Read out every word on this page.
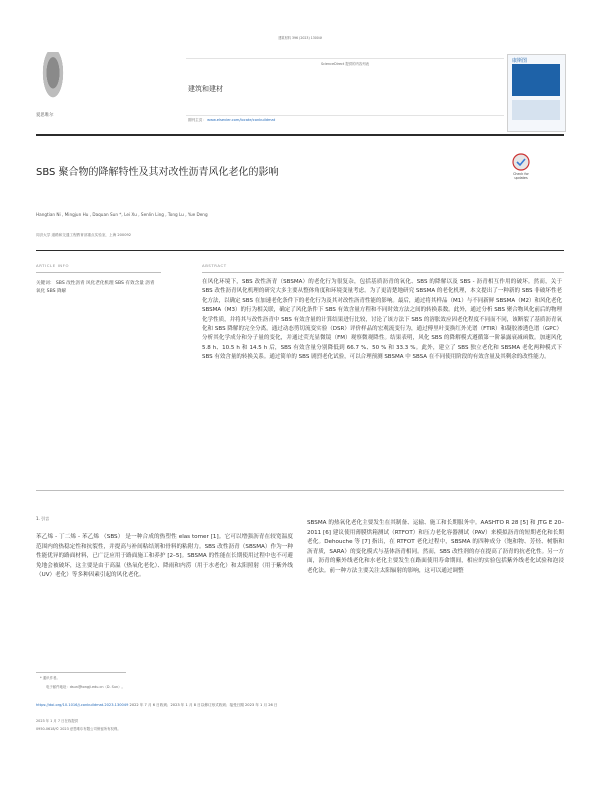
建筑材料 396 (2023) 13004ł
爱思唯尔
ScienceDirect 提供的内容列表
建筑和建材
期刊主页： www.elsevier.com/locate/conbuildmat
康斯图
SBS 聚合物的降解特性及其对改性沥青风化老化的影响	Check for
updates
Hangtian Ni , Mingjun Hu , Daquan Sun *, Lei Xu , Senlin Ling , Tong Lu , Yue Deng
同济大学 道路和交通工程教育部重点实验室，上海 200092
ARTICLE INFO
关键词： SBS 改性沥青 风化老化机理 SBS 有效含量 沥青氧化 SBS 降解
ABSTRACT
在风化环境下，SBS 改性沥青（SBSMA）的老化行为很复杂，包括基质沥青的氧化、SBS 的降解以及 SBS - 沥青相互作用的破坏。然而，关于 SBS 改性沥青风化机理的研究大多主要从整体角度和环境变量考虑。为了更清楚地研究 SBSMA 的老化机理，本文提出了一种新的 SBS 非破坏性老化方法，以确定 SBS 在加速老化条件下的老化行为及其对改性沥青性能的影响。最后，通过将其样品（M1）与不同新鲜 SBSMA（M2）和风化老化 SBSMA（M3）的行为相关联，确定了风化条件下 SBS 有效含量方程和不同时效方法之间的转换系数。此外，通过分析 SBS 聚合物风化前后的物理化学性质，并将其与改性沥青中 SBS 有效含量的计算结果进行比较，讨论了该方法下 SBS 的溶胀效应因老化程度不同而不同，该断裂了基质沥青氧化和 SBS 降解的完全分离。通过动态剪切流变实验（DSR）评价样品的宏观流变行为，通过傅里叶变换红外光谱（FTIR）和凝胶渗透色谱（GPC）分析其化学成分和分子量的变化，并通过荧光显微镜（FM）观察微观降性。结果表明，风化 SBS 的降解模式遵循第一阶暴露衰减函数。加速风化 5.8 h、10.5 h 和 14.5 h 后，SBS 有效含量分别降低到 66.7 %、50 % 和 33.3 %。此外，建立了 SBS 独立老化和 SBSMA 老化两种模式下 SBS 有效含量的转换关系。通过简单的 SBS 剧烈老化试验，可以合理预测 SBSMA 中 SBSA 在不同使用阶段的有效含量及其剩余的改性能力。
1. 引言
苯乙烯 - 丁二烯 - 苯乙烯 （SBS） 是一种合成的热塑性 elas tomer [1]。它可以增强沥青在较宽温度范围内的热稳定性和抗裂性，并提高与补间粘结剂和骨料的粘附力。SBS 改性沥青（SBSMA）作为一种性能优异的路面材料，已广泛应用于路面施工和养护 [2–5]。SBSMA 的性能在长期使用过程中也不可避免地会被破坏，这主要是由于高温（热氧化老化）、降雨和内涝（用于水老化）和太阳照射（用于紫外线（UV）老化）等多种因素引起的风化老化。
SBSMA 的热氧化老化主要发生在其制备、运输、施工和长期服务中。AASHTO R 28 [5] 和 JTG E 20–2011 [6] 建议使用薄膜烘箱测试（RTFOT）和压力老化容器测试（PAV）来模拟沥青的短期老化和长期老化。Dehouche 等 [7] 指出，在 RTFOT 老化过程中，SBSMA 的四种成分（饱和物、芳烃、树脂和沥青质，SARA）的变化模式与基体沥青相同。然而，SBS 改性剂的存在提高了沥青的抗老化性。另一方面，沥青的紫外线老化和水老化主要发生在路面使用寿命期间，相应的实验包括紫外线老化试验和泡浸老化法。前一种方法主要关注太阳辐射的影响，这可以通过调整
* 通讯作者。
电子邮件地址：dsun@tongji.edu.cn（D. Sun）。
https://doi.org/10.1016/j.conbuildmat.2023.130049 2022 年 7 月 6 日收到；2023 年 1 月 8 日以修订形式收到；接受日期 2023 年 1 月 26 日
2023 年 1 月 7 日在线提供
0950-0618/© 2023 爱思唯尔有限公司保留所有权利。
